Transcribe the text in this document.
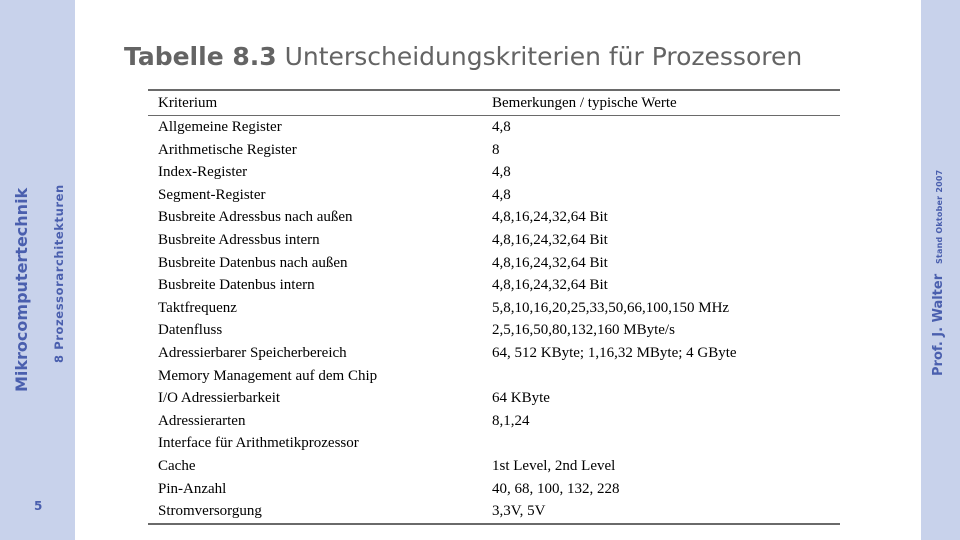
Mikrocomputertechnik 8 Prozessorarchitekturen
5
Prof. J. Walter
Stand Oktober 2007
Tabelle 8.3 Unterscheidungskriterien für Prozessoren
Kriterium	Bemerkungen / typische Werte
Allgemeine Register	4,8
Arithmetische Register	8
Index-Register	4,8
Segment-Register	4,8
Busbreite Adressbus nach außen	4,8,16,24,32,64 Bit
Busbreite Adressbus intern	4,8,16,24,32,64 Bit
Busbreite Datenbus nach außen	4,8,16,24,32,64 Bit
Busbreite Datenbus intern	4,8,16,24,32,64 Bit
Taktfrequenz	5,8,10,16,20,25,33,50,66,100,150 MHz
Datenfluss	2,5,16,50,80,132,160 MByte/s
Adressierbarer Speicherbereich	64, 512 KByte; 1,16,32 MByte; 4 GByte
Memory Management auf dem Chip	
I/O Adressierbarkeit	64 KByte
Adressierarten	8,1,24
Interface für Arithmetikprozessor	
Cache	1st Level, 2nd Level
Pin-Anzahl	40, 68, 100, 132, 228
Stromversorgung	3,3V, 5V
